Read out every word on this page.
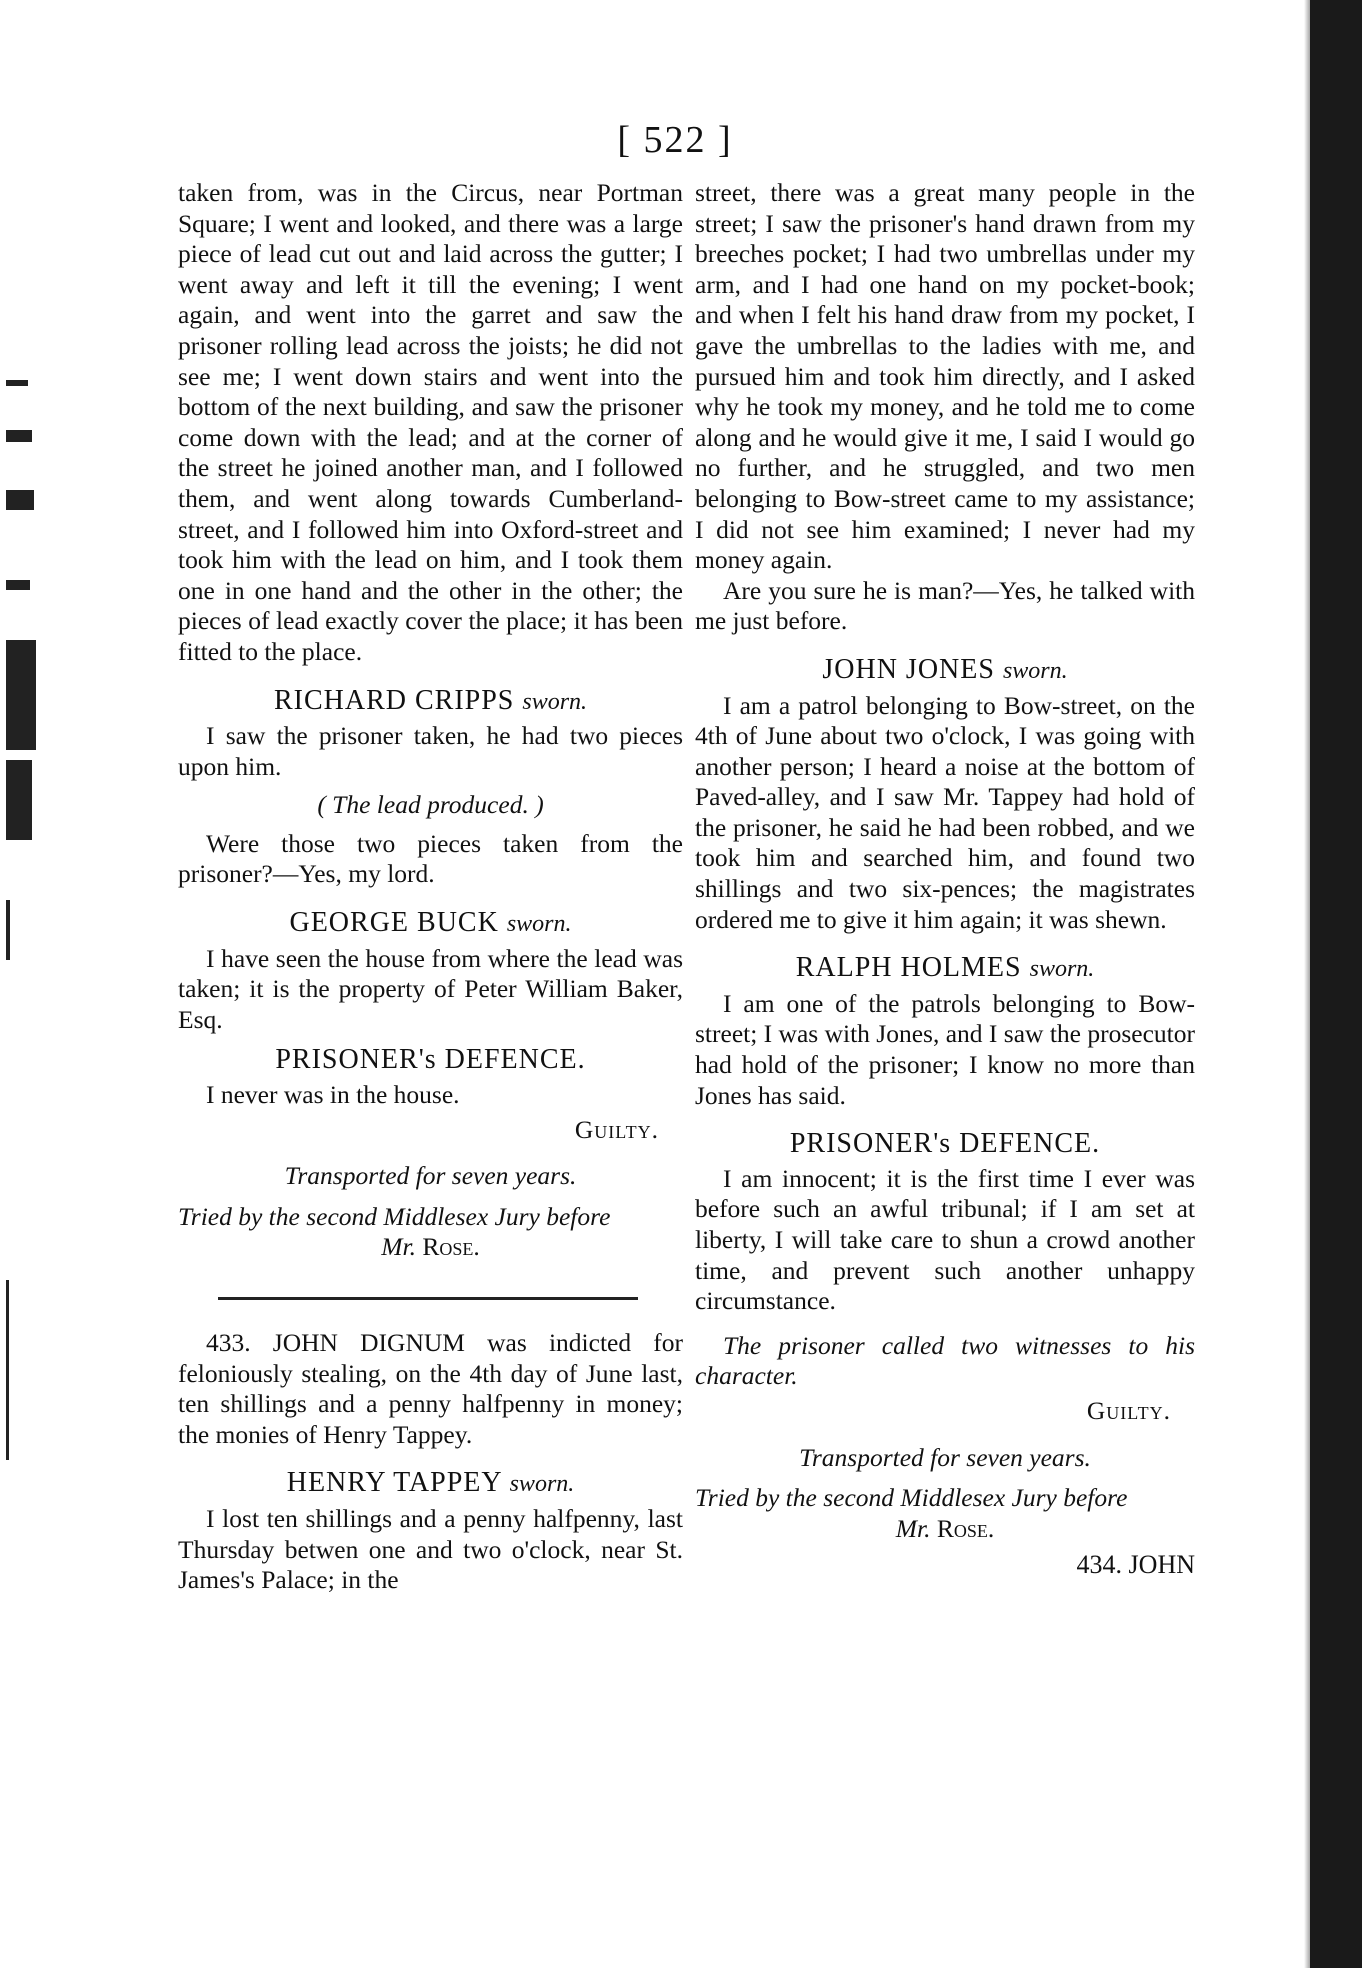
[ 522 ]

taken from, was in the Circus, near Portman Square; I went and looked, and there was a large piece of lead cut out and laid across the gutter; I went away and left it till the evening; I went again, and went into the garret and saw the prisoner rolling lead across the joists; he did not see me; I went down stairs and went into the bottom of the next building, and saw the prisoner come down with the lead; and at the corner of the street he joined another man, and I followed them, and went along towards Cumberland-street, and I followed him into Oxford-street and took him with the lead on him, and I took them one in one hand and the other in the other; the pieces of lead exactly cover the place; it has been fitted to the place.

RICHARD CRIPPS sworn.

I saw the prisoner taken, he had two pieces upon him.

( The lead produced. )

Were those two pieces taken from the prisoner?—Yes, my lord.

GEORGE BUCK sworn.

I have seen the house from where the lead was taken; it is the property of Peter William Baker, Esq.

PRISONER's DEFENCE.

I never was in the house.

Guilty.
Transported for seven years.

Tried by the second Middlesex Jury before

Mr. Rose.

433. JOHN DIGNUM was indicted for feloniously stealing, on the 4th day of June last, ten shillings and a penny halfpenny in money; the monies of Henry Tappey.

HENRY TAPPEY sworn.

I lost ten shillings and a penny halfpenny, last Thursday betwen one and two o'clock, near St. James's Palace; in the

street, there was a great many people in the street; I saw the prisoner's hand drawn from my breeches pocket; I had two umbrellas under my arm, and I had one hand on my pocket-book; and when I felt his hand draw from my pocket, I gave the umbrellas to the ladies with me, and pursued him and took him directly, and I asked why he took my money, and he told me to come along and he would give it me, I said I would go no further, and he struggled, and two men belonging to Bow-street came to my assistance; I did not see him examined; I never had my money again.

Are you sure he is man?—Yes, he talked with me just before.

JOHN JONES sworn.

I am a patrol belonging to Bow-street, on the 4th of June about two o'clock, I was going with another person; I heard a noise at the bottom of Paved-alley, and I saw Mr. Tappey had hold of the prisoner, he said he had been robbed, and we took him and searched him, and found two shillings and two six-pences; the magistrates ordered me to give it him again; it was shewn.

RALPH HOLMES sworn.

I am one of the patrols belonging to Bow-street; I was with Jones, and I saw the prosecutor had hold of the prisoner; I know no more than Jones has said.

PRISONER's DEFENCE.

I am innocent; it is the first time I ever was before such an awful tribunal; if I am set at liberty, I will take care to shun a crowd another time, and prevent such another unhappy circumstance.

The prisoner called two witnesses to his character.

Guilty.
Transported for seven years.

Tried by the second Middlesex Jury before

Mr. Rose.
434. JOHN
